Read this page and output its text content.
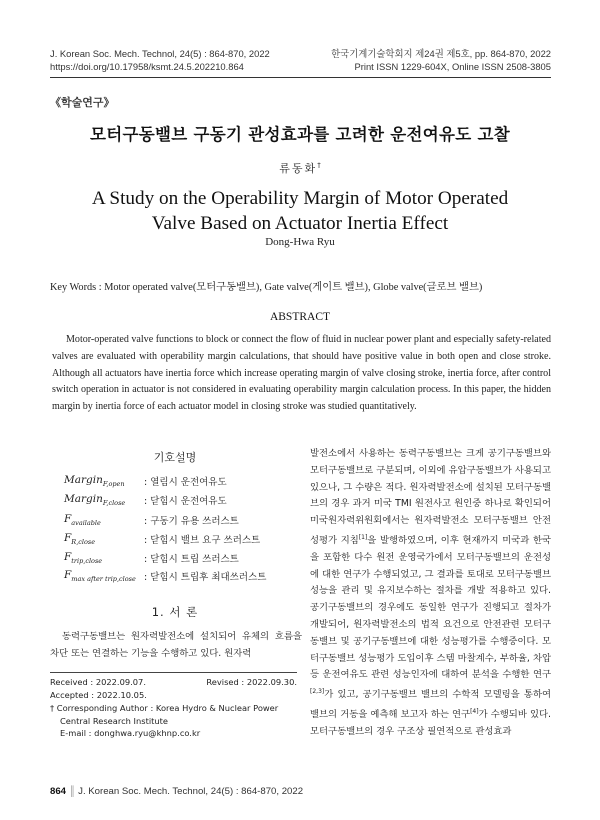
J. Korean Soc. Mech. Technol, 24(5) : 864-870, 2022
https://doi.org/10.17958/ksmt.24.5.202210.864
한국기계기술학회지 제24권 제5호, pp. 864-870, 2022
Print ISSN 1229-604X, Online ISSN 2508-3805
《학술연구》
모터구동밸브 구동기 관성효과를 고려한 운전여유도 고찰
류동화†
A Study on the Operability Margin of Motor Operated
Valve Based on Actuator Inertia Effect
Dong-Hwa Ryu
Key Words : Motor operated valve(모터구동밸브), Gate valve(게이트 밸브), Globe valve(글로브 밸브)
ABSTRACT
Motor-operated valve functions to block or connect the flow of fluid in nuclear power plant and especially safety-related valves are evaluated with operability margin calculations, that should have positive value in both open and close stroke. Although all actuators have inertia force which increase operating margin of valve closing stroke, inertia force, after control switch operation in actuator is not considered in evaluating operability margin calculation process. In this paper, the hidden margin by inertia force of each actuator model in closing stroke was studied quantitatively.
기호설명
Margin$_{F,open}$ : 열림시 운전여유도
Margin$_{F,close}$ : 닫힘시 운전여유도
$F_{available}$	: 구동기 유용 쓰러스트
$F_{R,close}$	: 닫힘시 밸브 요구 쓰러스트
$F_{trip,close}$	: 닫힘시 트립 쓰러스트
$F_{max after trip,close}$ : 닫힘시 트립후 최대쓰러스트
1. 서 론
동력구동밸브는 원자력발전소에 설치되어 유체의 흐름을 차단 또는 연결하는 기능을 수행하고 있다. 원자력
Received : 2022.09.07.	Revised : 2022.09.30.
Accepted : 2022.10.05.
† Corresponding Author : Korea Hydro & Nuclear Power
Central Research Institute
E-mail : donghwa.ryu@khnp.co.kr
발전소에서 사용하는 동력구동밸브는 크게 공기구동밸브와 모터구동밸브로 구분되며, 이외에 유압구동밸브가 사용되고 있으나, 그 수량은 적다. 원자력발전소에 설치된 모터구동밸브의 경우 과거 미국 TMI 원전사고 원인중 하나로 확인되어 미국원자력위원회에서는 원자력발전소 모터구동밸브 안전성평가 지침[1]을 발행하였으며, 이후 현재까지 미국과 한국을 포함한 다수 원전 운영국가에서 모터구동밸브의 운전성에 대한 연구가 수행되었고, 그 결과를 토대로 모터구동밸브 성능을 관리 및 유지보수하는 절차를 개발 적용하고 있다. 공기구동밸브의 경우에도 동일한 연구가 진행되고 절차가 개발되어, 원자력발전소의 법적 요건으로 안전관련 모터구동밸브 및 공기구동밸브에 대한 성능평가를 수행중이다. 모터구동밸브 성능평가 도입이후 스템 마찰계수, 부하율, 차압 등 운전여유도 관련 성능인자에 대하여 분석을 수행한 연구[2,3]가 있고, 공기구동밸브 밸브의 수학적 모델링을 통하여 밸브의 거동을 예측해 보고자 하는 연구[4]가 수행되바 있다. 모터구동밸브의 경우 구조상 필연적으로 관성효과
864 ║ J. Korean Soc. Mech. Technol, 24(5) : 864-870, 2022
